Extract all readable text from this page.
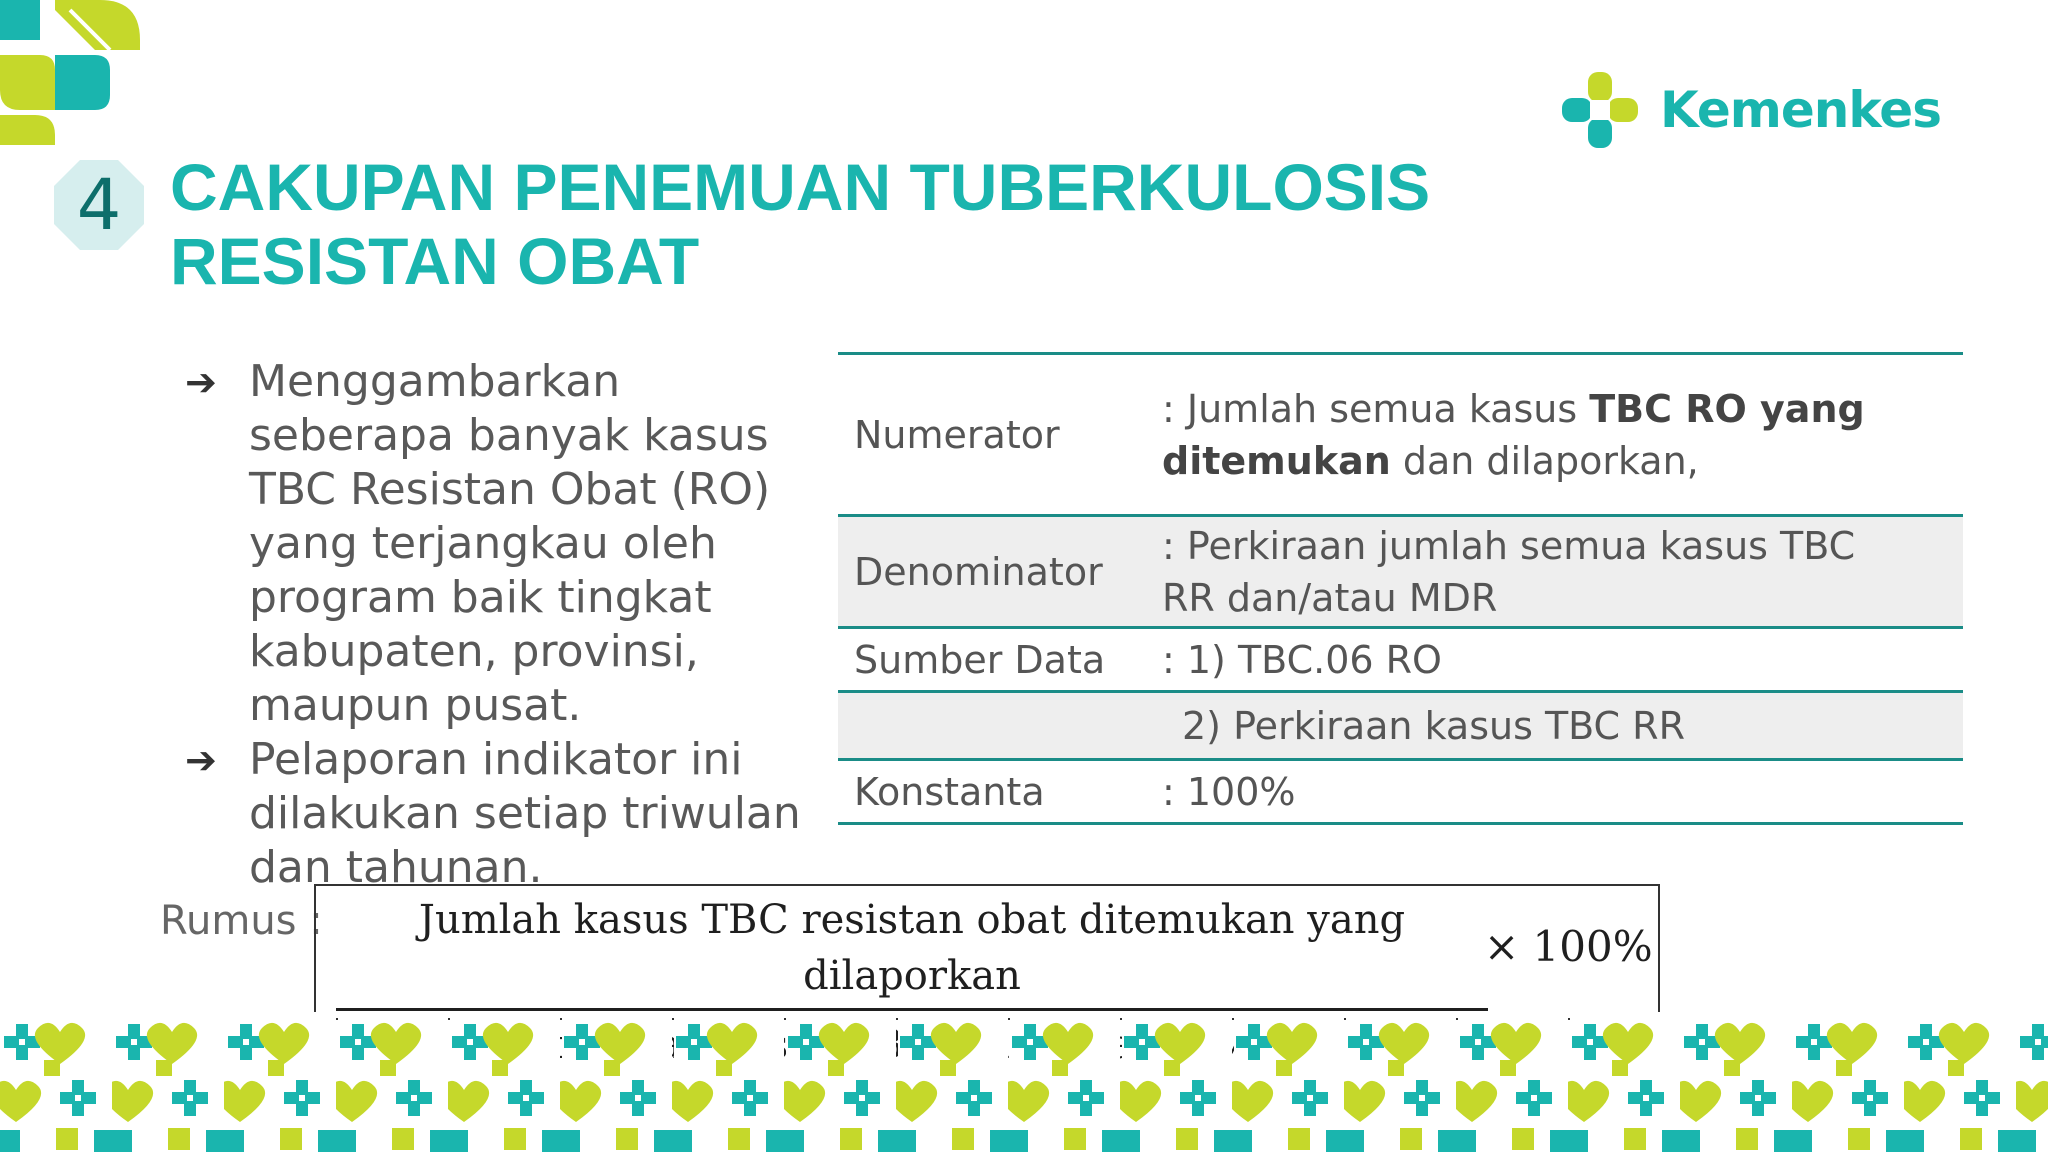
Kemenkes
4 CAKUPAN PENEMUAN TUBERKULOSIS
RESISTAN OBAT
➔ Menggambarkan seberapa banyak kasus TBC Resistan Obat (RO) yang terjangkau oleh program baik tingkat kabupaten, provinsi, maupun pusat.
➔ Pelaporan indikator ini dilakukan setiap triwulan dan tahunan.
Numerator	: Jumlah semua kasus TBC RO yang ditemukan dan dilaporkan,
Denominator	: Perkiraan jumlah semua kasus TBC
RR dan/atau MDR
Sumber Data	: 1) TBC.06 RO
	2) Perkiraan kasus TBC RR
Konstanta	: 100%
Rumus :	Jumlah kasus TBC resistan obat ditemukan yang dilaporkan
× 100%
